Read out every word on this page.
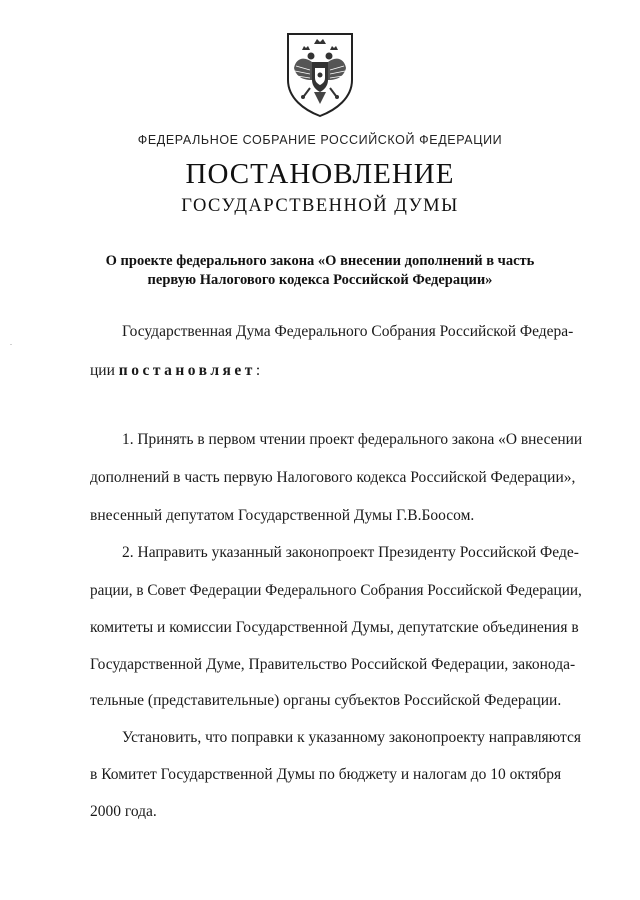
ФЕДЕРАЛЬНОЕ СОБРАНИЕ РОССИЙСКОЙ ФЕДЕРАЦИИ
ПОСТАНОВЛЕНИЕ
ГОСУДАРСТВЕННОЙ ДУМЫ
О проекте федерального закона «О внесении дополнений в часть
первую Налогового кодекса Российской Федерации»
.
Государственная Дума Федерального Собрания Российской Федера-
ции постановляет:
1. Принять в первом чтении проект федерального закона «О внесении
дополнений в часть первую Налогового кодекса Российской Федерации»,
внесенный депутатом Государственной Думы Г.В.Боосом.
2. Направить указанный законопроект Президенту Российской Феде-
рации, в Совет Федерации Федерального Собрания Российской Федерации,
комитеты и комиссии Государственной Думы, депутатские объединения в
Государственной Думе, Правительство Российской Федерации, законода-
тельные (представительные) органы субъектов Российской Федерации.
Установить, что поправки к указанному законопроекту направляются
в Комитет Государственной Думы по бюджету и налогам до 10 октября
2000 года.
